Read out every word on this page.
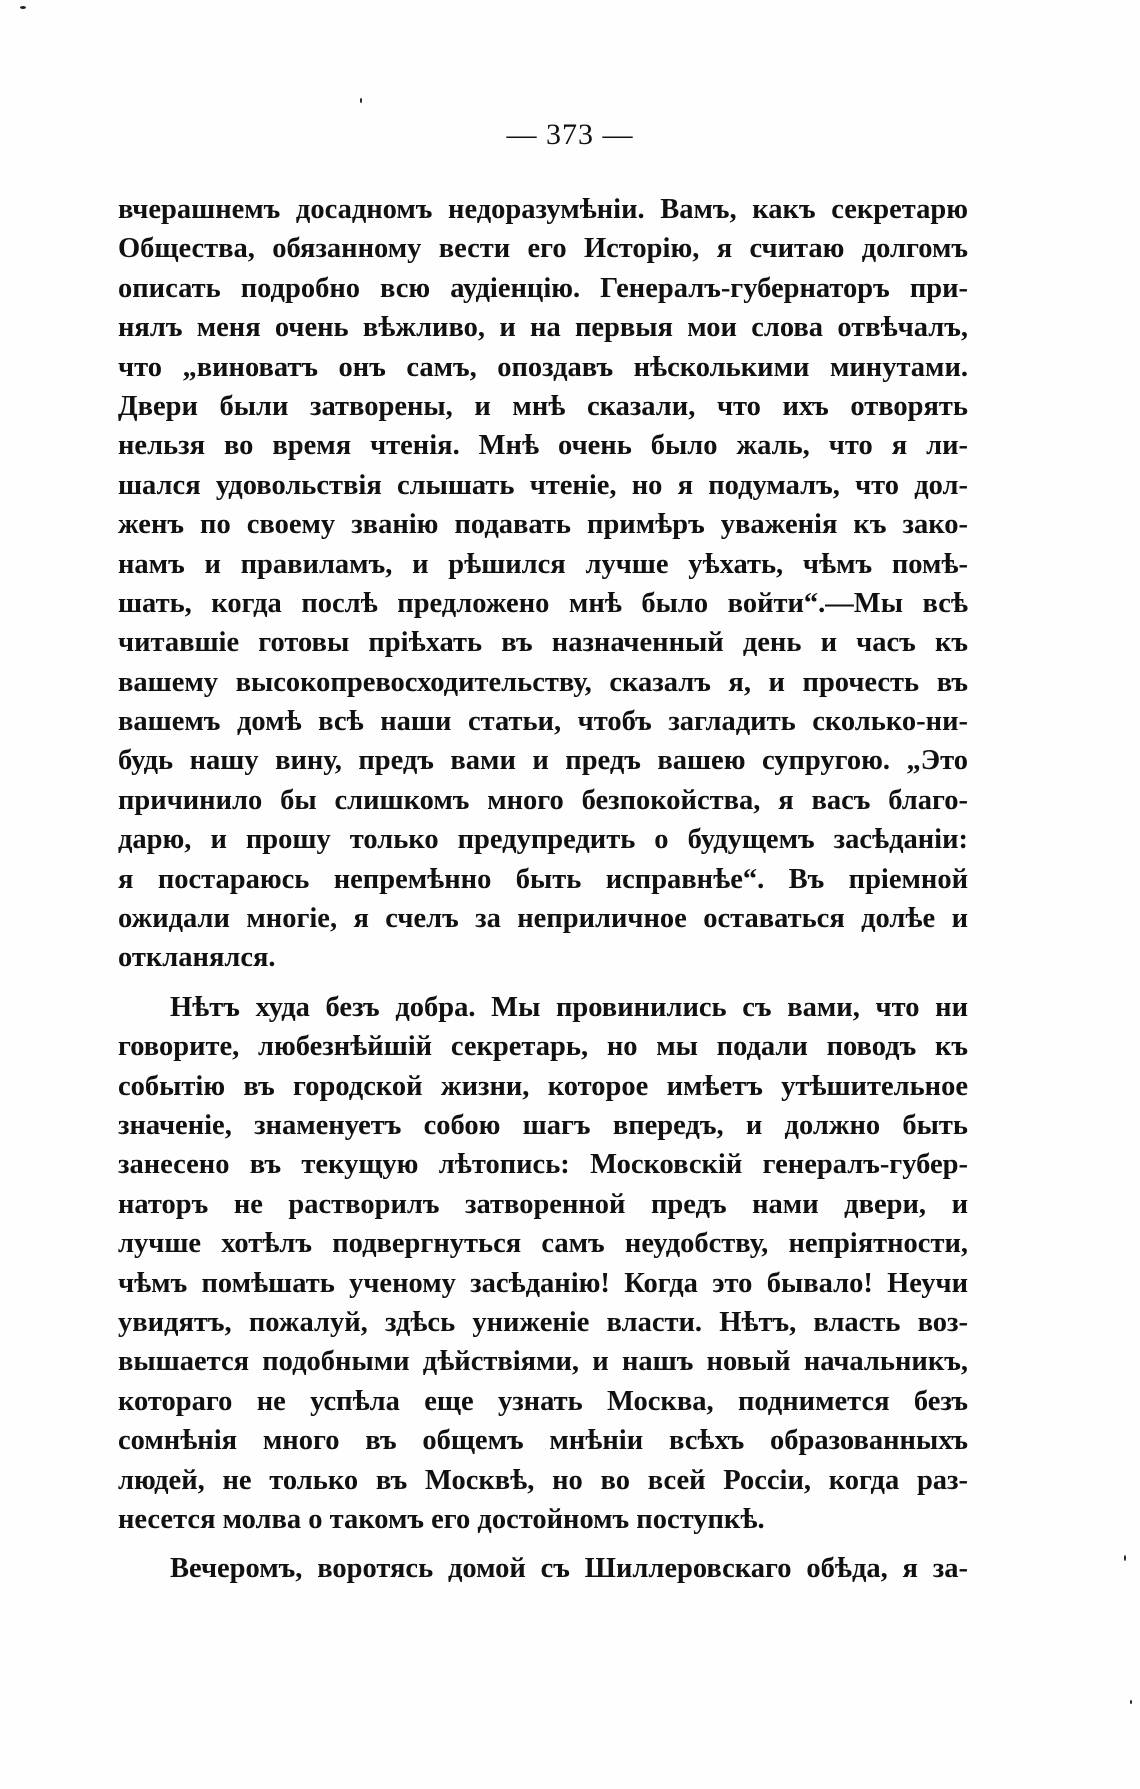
— 373 —
вчерашнемъ досадномъ недоразумѣніи. Вамъ, какъ секретарю
Общества, обязанному вести его Исторію, я считаю долгомъ
описать подробно всю аудіенцію. Генералъ-губернаторъ при-
нялъ меня очень вѣжливо, и на первыя мои слова отвѣчалъ,
что „виноватъ онъ самъ, опоздавъ нѣсколькими минутами.
Двери были затворены, и мнѣ сказали, что ихъ отворять
нельзя во время чтенія. Мнѣ очень было жаль, что я ли-
шался удовольствія слышать чтеніе, но я подумалъ, что дол-
женъ по своему званію подавать примѣръ уваженія къ зако-
намъ и правиламъ, и рѣшился лучше уѣхать, чѣмъ помѣ-
шать, когда послѣ предложено мнѣ было войти“.—Мы всѣ
читавшіе готовы пріѣхать въ назначенный день и часъ къ
вашему высокопревосходительству, сказалъ я, и прочесть въ
вашемъ домѣ всѣ наши статьи, чтобъ загладить сколько-ни-
будь нашу вину, предъ вами и предъ вашею супругою. „Это
причинило бы слишкомъ много безпокойства, я васъ благо-
дарю, и прошу только предупредить о будущемъ засѣданіи:
я постараюсь непремѣнно быть исправнѣе“. Въ пріемной
ожидали многіе, я счелъ за неприличное оставаться долѣе и
откланялся.
Нѣтъ худа безъ добра. Мы провинились съ вами, что ни
говорите, любезнѣйшій секретарь, но мы подали поводъ къ
событію въ городской жизни, которое имѣетъ утѣшительное
значеніе, знаменуетъ собою шагъ впередъ, и должно быть
занесено въ текущую лѣтопись: Московскій генералъ-губер-
наторъ не растворилъ затворенной предъ нами двери, и
лучше хотѣлъ подвергнуться самъ неудобству, непріятности,
чѣмъ помѣшать ученому засѣданію! Когда это бывало! Неучи
увидятъ, пожалуй, здѣсь униженіе власти. Нѣтъ, власть воз-
вышается подобными дѣйствіями, и нашъ новый начальникъ,
котораго не успѣла еще узнать Москва, поднимется безъ
сомнѣнія много въ общемъ мнѣніи всѣхъ образованныхъ
людей, не только въ Москвѣ, но во всей Россіи, когда раз-
несется молва о такомъ его достойномъ поступкѣ.
Вечеромъ, воротясь домой съ Шиллеровскаго обѣда, я за-
